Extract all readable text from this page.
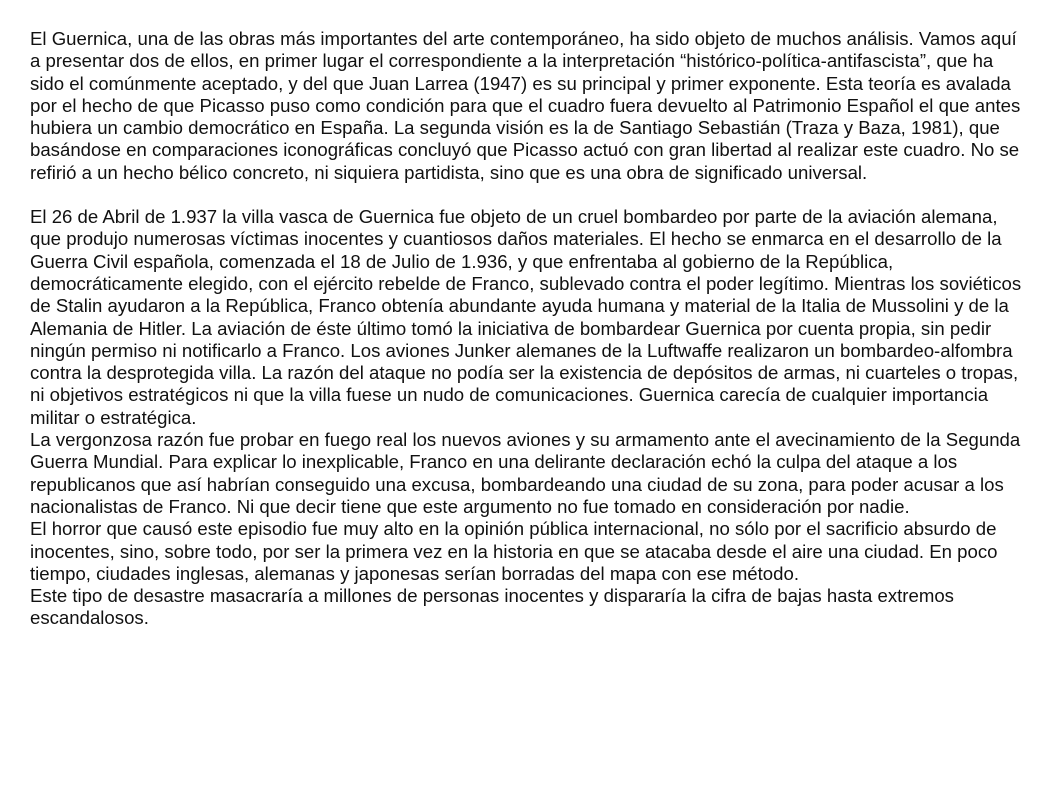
El Guernica, una de las obras más importantes del arte contemporáneo, ha sido objeto de muchos análisis. Vamos aquí a presentar dos de ellos, en primer lugar el correspondiente a la interpretación “histórico-política-antifascista”, que ha sido el comúnmente aceptado, y del que Juan Larrea (1947) es su principal y primer exponente. Esta teoría es avalada por el hecho de que Picasso puso como condición para que el cuadro fuera devuelto al Patrimonio Español el que antes hubiera un cambio democrático en España. La segunda visión es la de Santiago Sebastián (Traza y Baza, 1981), que basándose en comparaciones iconográficas concluyó que Picasso actuó con gran libertad al realizar este cuadro. No se refirió a un hecho bélico concreto, ni siquiera partidista, sino que es una obra de significado universal.

El 26 de Abril de 1.937 la villa vasca de Guernica fue objeto de un cruel bombardeo por parte de la aviación alemana, que produjo numerosas víctimas inocentes y cuantiosos daños materiales. El hecho se enmarca en el desarrollo de la Guerra Civil española, comenzada el 18 de Julio de 1.936, y que enfrentaba al gobierno de la República, democráticamente elegido, con el ejército rebelde de Franco, sublevado contra el poder legítimo. Mientras los soviéticos de Stalin ayudaron a la República, Franco obtenía abundante ayuda humana y material de la Italia de Mussolini y de la Alemania de Hitler. La aviación de éste último tomó la iniciativa de bombardear Guernica por cuenta propia, sin pedir ningún permiso ni notificarlo a Franco. Los aviones Junker alemanes de la Luftwaffe realizaron un bombardeo-alfombra contra la desprotegida villa. La razón del ataque no podía ser la existencia de depósitos de armas, ni cuarteles o tropas, ni objetivos estratégicos ni que la villa fuese un nudo de comunicaciones. Guernica carecía de cualquier importancia militar o estratégica.

La vergonzosa razón fue probar en fuego real los nuevos aviones y su armamento ante el avecinamiento de la Segunda Guerra Mundial. Para explicar lo inexplicable, Franco en una delirante declaración echó la culpa del ataque a los republicanos que así habrían conseguido una excusa, bombardeando una ciudad de su zona, para poder acusar a los nacionalistas de Franco. Ni que decir tiene que este argumento no fue tomado en consideración por nadie.

El horror que causó este episodio fue muy alto en la opinión pública internacional, no sólo por el sacrificio absurdo de inocentes, sino, sobre todo, por ser la primera vez en la historia en que se atacaba desde el aire una ciudad. En poco tiempo, ciudades inglesas, alemanas y japonesas serían borradas del mapa con ese método.

Este tipo de desastre masacraría a millones de personas inocentes y dispararía la cifra de bajas hasta extremos escandalosos.
